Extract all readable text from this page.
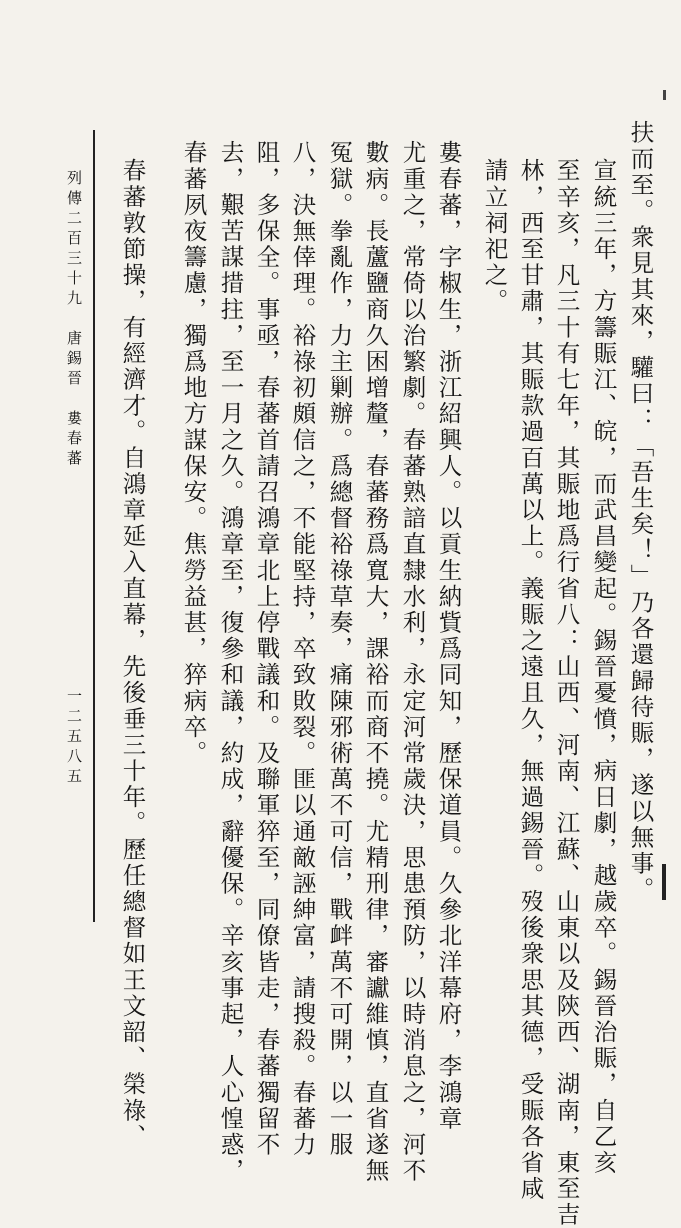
扶而至。衆見其來，驩曰：「吾生矣！」乃各還歸待賑，遂以無事。
宣統三年，方籌賑江、皖，而武昌變起。錫晉憂憤，病日劇，越歲卒。錫晉治賑，自乙亥
至辛亥，凡三十有七年，其賑地爲行省八：山西、河南、江蘇、山東以及陝西、湖南，東至吉
林，西至甘肅，其賑款過百萬以上。義賑之遠且久，無過錫晉。歿後衆思其德，受賑各省咸
請立祠祀之。
婁春蕃，字椒生，浙江紹興人。以貢生納貲爲同知，歷保道員。久參北洋幕府，李鴻章
尤重之，常倚以治繁劇。春蕃熟諳直隸水利，永定河常歲決，思患預防，以時消息之，河不
數病。長蘆鹽商久困增釐，春蕃務爲寬大，課裕而商不撓。尤精刑律，審讞維慎，直省遂無
冤獄。拳亂作，力主剿辦。爲總督裕祿草奏，痛陳邪術萬不可信，戰衅萬不可開，以一服
八，決無倖理。裕祿初頗信之，不能堅持，卒致敗裂。匪以通敵誣紳富，請搜殺。春蕃力
阻，多保全。事亟，春蕃首請召鴻章北上停戰議和。及聯軍猝至，同僚皆走，春蕃獨留不
去，艱苦謀措拄，至一月之久。鴻章至，復參和議，約成，辭優保。辛亥事起，人心惶惑，
春蕃夙夜籌慮，獨爲地方謀保安。焦勞益甚，猝病卒。
春蕃敦節操，有經濟才。自鴻章延入直幕，先後垂三十年。歷任總督如王文韶、榮祿、
列傳二百三十九　唐錫晉　婁春蕃
一二五八五
